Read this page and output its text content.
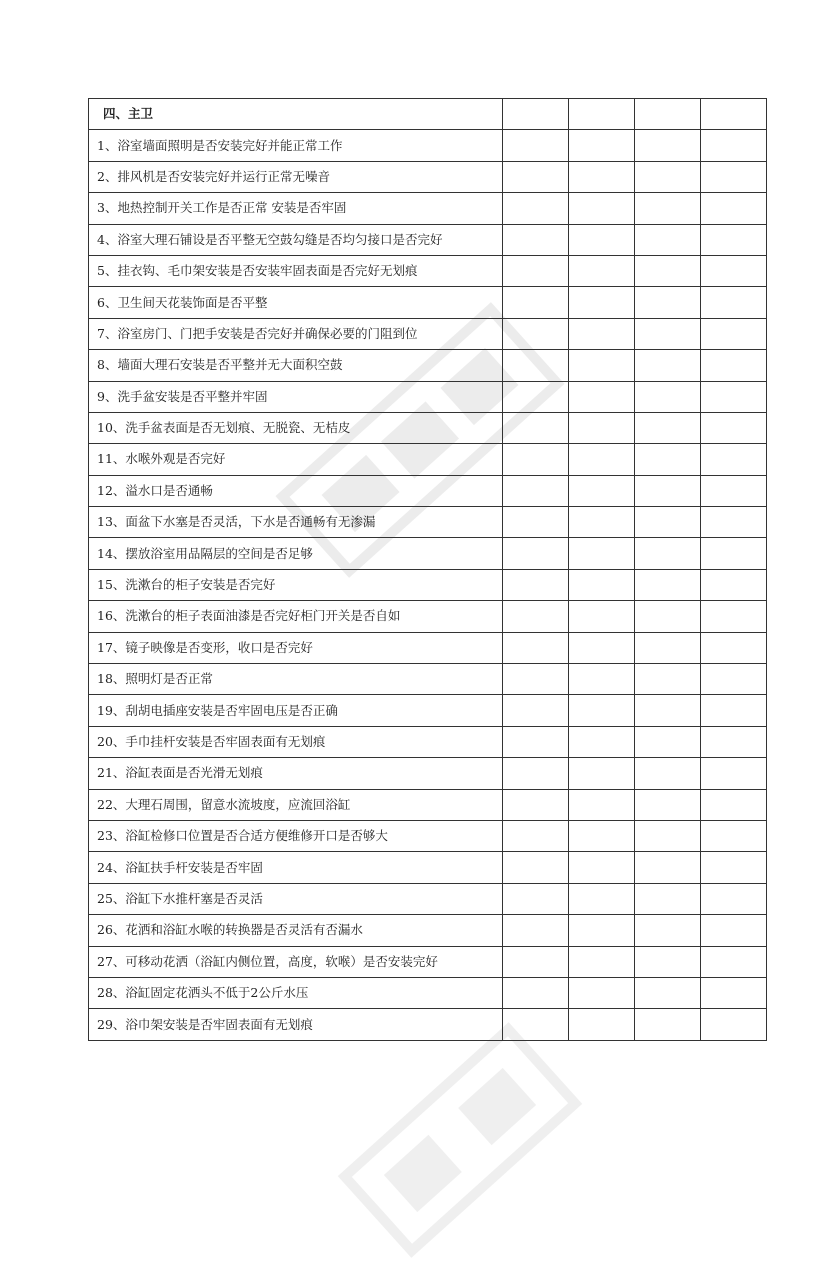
四、主卫				
1、浴室墙面照明是否安装完好并能正常工作				
2、排风机是否安装完好并运行正常无噪音				
3、地热控制开关工作是否正常 安装是否牢固				
4、浴室大理石铺设是否平整无空鼓勾缝是否均匀接口是否完好				
5、挂衣钩、毛巾架安装是否安装牢固表面是否完好无划痕				
6、卫生间天花装饰面是否平整				
7、浴室房门、门把手安装是否完好并确保必要的门阻到位				
8、墙面大理石安装是否平整并无大面积空鼓				
9、洗手盆安装是否平整并牢固				
10、洗手盆表面是否无划痕、无脱瓷、无桔皮				
11、水喉外观是否完好				
12、溢水口是否通畅				
13、面盆下水塞是否灵活，下水是否通畅有无渗漏				
14、摆放浴室用品隔层的空间是否足够				
15、洗漱台的柜子安装是否完好				
16、洗漱台的柜子表面油漆是否完好柜门开关是否自如				
17、镜子映像是否变形，收口是否完好				
18、照明灯是否正常				
19、刮胡电插座安装是否牢固电压是否正确				
20、手巾挂杆安装是否牢固表面有无划痕				
21、浴缸表面是否光滑无划痕				
22、大理石周围，留意水流坡度，应流回浴缸				
23、浴缸检修口位置是否合适方便维修开口是否够大				
24、浴缸扶手杆安装是否牢固				
25、浴缸下水推杆塞是否灵活				
26、花洒和浴缸水喉的转换器是否灵活有否漏水				
27、可移动花洒（浴缸内侧位置，高度，软喉）是否安装完好				
28、浴缸固定花洒头不低于2公斤水压				
29、浴巾架安装是否牢固表面有无划痕				
